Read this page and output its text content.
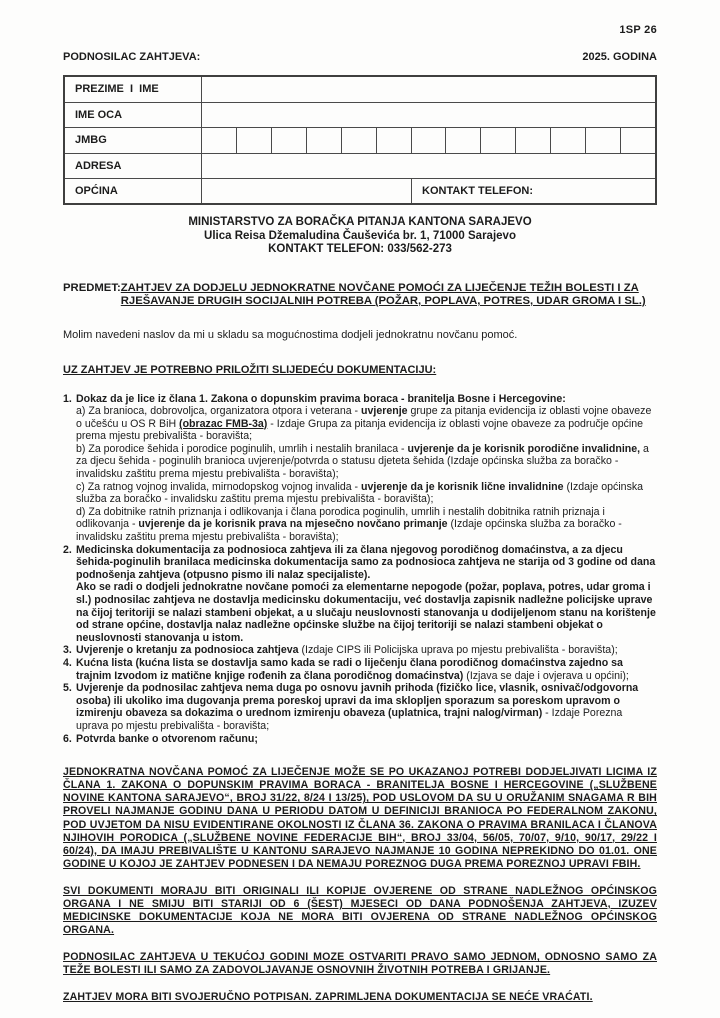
1SP 26
PODNOSILAC ZAHTJEVA:	2025. GODINA
PREZIME  I  IME
IME OCA
JMBG
ADRESA
OPĆINA	KONTAKT TELEFON:
MINISTARSTVO ZA BORAČKA PITANJA KANTONA SARAJEVO
Ulica Reisa Džemaludina Čauševića br. 1, 71000 Sarajevo
KONTAKT TELEFON: 033/562-273
PREDMET: ZAHTJEV ZA DODJELU JEDNOKRATNE NOVČANE POMOĆI ZA LIJEČENJE TEŽIH BOLESTI I ZA RJEŠAVANJE DRUGIH SOCIJALNIH POTREBA (POŽAR, POPLAVA, POTRES, UDAR GROMA I SL.)
Molim navedeni naslov da mi u skladu sa mogućnostima dodjeli jednokratnu novčanu pomoć.
UZ ZAHTJEV JE POTREBNO PRILOŽITI SLIJEDEĆU DOKUMENTACIJU:
1. Dokaz da je lice iz člana 1. Zakona o dopunskim pravima boraca - branitelja Bosne i Hercegovine:
a) Za branioca, dobrovoljca, organizatora otpora i veterana - uvjerenje grupe za pitanja evidencija iz oblasti vojne obaveze o učešću u OS R BiH (obrazac FMB-3a) - Izdaje Grupa za pitanja evidencija iz oblasti vojne obaveze za područje općine prema mjestu prebivališta - boravišta;
b) Za porodice šehida i porodice poginulih, umrlih i nestalih branilaca - uvjerenje da je korisnik porodične invalidnine, a za djecu šehida - poginulih branioca uvjerenje/potvrda o statusu djeteta šehida (Izdaje općinska služba za boračko - invalidsku zaštitu prema mjestu prebivališta - boravišta);
c) Za ratnog vojnog invalida, mirnodopskog vojnog invalida - uvjerenje da je korisnik lične invalidnine (Izdaje općinska služba za boračko - invalidsku zaštitu prema mjestu prebivališta - boravišta);
d) Za dobitnike ratnih priznanja i odlikovanja i člana porodica poginulih, umrlih i nestalih dobitnika ratnih priznaja i odlikovanja - uvjerenje da je korisnik prava na mjesečno novčano primanje (Izdaje općinska služba za boračko - invalidsku zaštitu prema mjestu prebivališta - boravišta);
2. Medicinska dokumentacija za podnosioca zahtjeva ili za člana njegovog porodičnog domaćinstva, a za djecu šehida-poginulih branilaca medicinska dokumentacija samo za podnosioca zahtjeva ne starija od 3 godine od dana podnošenja zahtjeva (otpusno pismo ili nalaz specijaliste).
Ako se radi o dodjeli jednokratne novčane pomoći za elementarne nepogode (požar, poplava, potres, udar groma i sl.) podnosilac zahtjeva ne dostavlja medicinsku dokumentaciju, već dostavlja zapisnik nadležne policijske uprave na čijoj teritoriji se nalazi stambeni objekat, a u slučaju neuslovnosti stanovanja u dodijeljenom stanu na korištenje od strane općine, dostavlja nalaz nadležne općinske službe na čijoj teritoriji se nalazi stambeni objekat o neuslovnosti stanovanja u istom.
3. Uvjerenje o kretanju za podnosioca zahtjeva (Izdaje CIPS ili Policijska uprava po mjestu prebivališta - boravišta);
4. Kućna lista (kućna lista se dostavlja samo kada se radi o liječenju člana porodičnog domaćinstva zajedno sa trajnim Izvodom iz matične knjige rođenih za člana porodičnog domaćinstva) (Izjava se daje i ovjerava u općini);
5. Uvjerenje da podnosilac zahtjeva nema duga po osnovu javnih prihoda (fizičko lice, vlasnik, osnivač/odgovorna osoba) ili ukoliko ima dugovanja prema poreskoj upravi da ima sklopljen sporazum sa poreskom upravom o izmirenju obaveza sa dokazima o urednom izmirenju obaveza (uplatnica, trajni nalog/virman) - Izdaje Porezna uprava po mjestu prebivališta - boravišta;
6. Potvrda banke o otvorenom računu;
JEDNOKRATNA NOVČANA POMOĆ ZA LIJEČENJE MOŽE SE PO UKAZANOJ POTREBI DODJELJIVATI LICIMA IZ ČLANA 1. ZAKONA O DOPUNSKIM PRAVIMA BORACA - BRANITELJA BOSNE I HERCEGOVINE („SLUŽBENE NOVINE KANTONA SARAJEVO“, BROJ 31/22, 8/24 I 13/25), POD USLOVOM DA SU U ORUŽANIM SNAGAMA R BIH PROVELI NAJMANJE GODINU DANA U PERIODU DATOM U DEFINICIJI BRANIOCA PO FEDERALNOM ZAKONU, POD UVJETOM DA NISU EVIDENTIRANE OKOLNOSTI IZ ČLANA 36. ZAKONA O PRAVIMA BRANILACA I ČLANOVA NJIHOVIH PORODICA („SLUŽBENE NOVINE FEDERACIJE BIH“, BROJ 33/04, 56/05, 70/07, 9/10, 90/17, 29/22 I 60/24), DA IMAJU PREBIVALIŠTE U KANTONU SARAJEVO NAJMANJE 10 GODINA NEPREKIDNO DO 01.01. ONE GODINE U KOJOJ JE ZAHTJEV PODNESEN I DA NEMAJU POREZNOG DUGA PREMA POREZNOJ UPRAVI FBIH.
SVI DOKUMENTI MORAJU BITI ORIGINALI ILI KOPIJE OVJERENE OD STRANE NADLEŽNOG OPĆINSKOG ORGANA I NE SMIJU BITI STARIJI OD 6 (ŠEST) MJESECI OD DANA PODNOŠENJA ZAHTJEVA, IZUZEV MEDICINSKE DOKUMENTACIJE KOJA NE MORA BITI OVJERENA OD STRANE NADLEŽNOG OPĆINSKOG ORGANA.
PODNOSILAC ZAHTJEVA U TEKUĆOJ GODINI MOZE OSTVARITI PRAVO SAMO JEDNOM, ODNOSNO SAMO ZA TEŽE BOLESTI ILI SAMO ZA ZADOVOLJAVANJE OSNOVNIH ŽIVOTNIH POTREBA I GRIJANJE.
ZAHTJEV MORA BITI SVOJERUČNO POTPISAN. ZAPRIMLJENA DOKUMENTACIJA SE NEĆE VRAĆATI.
